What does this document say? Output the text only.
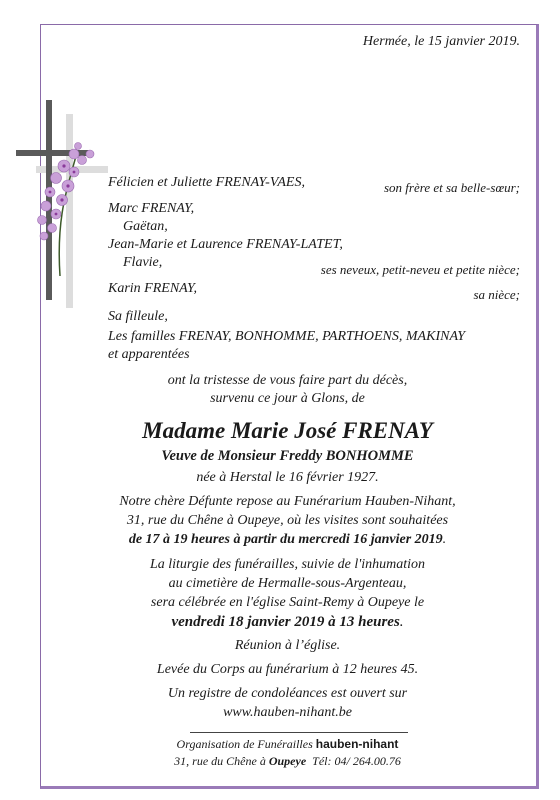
Hermée, le 15 janvier 2019.
Félicien et Juliette FRENAY-VAES,	son frère et sa belle-sœur;
Marc FRENAY,
Gaëtan,
Jean-Marie et Laurence FRENAY-LATET,
Flavie,	ses neveux, petit-neveu et petite nièce;
Karin FRENAY,	sa nièce;
Sa filleule,
Les familles FRENAY, BONHOMME, PARTHOENS, MAKINAY
et apparentées
ont la tristesse de vous faire part du décès,
survenu ce jour à Glons, de
Madame Marie José FRENAY
Veuve de Monsieur Freddy BONHOMME
née à Herstal le 16 février 1927.
Notre chère Défunte repose au Funérarium Hauben-Nihant,
31, rue du Chêne à Oupeye, où les visites sont souhaitées
de 17 à 19 heures à partir du mercredi 16 janvier 2019.
La liturgie des funérailles, suivie de l'inhumation
au cimetière de Hermalle-sous-Argenteau,
sera célébrée en l'église Saint-Remy à Oupeye le
vendredi 18 janvier 2019 à 13 heures.
Réunion à l’église.
Levée du Corps au funérarium à 12 heures 45.
Un registre de condoléances est ouvert sur
www.hauben-nihant.be
Organisation de Funérailles hauben-nihant
31, rue du Chêne à Oupeye Tél: 04/ 264.00.76
